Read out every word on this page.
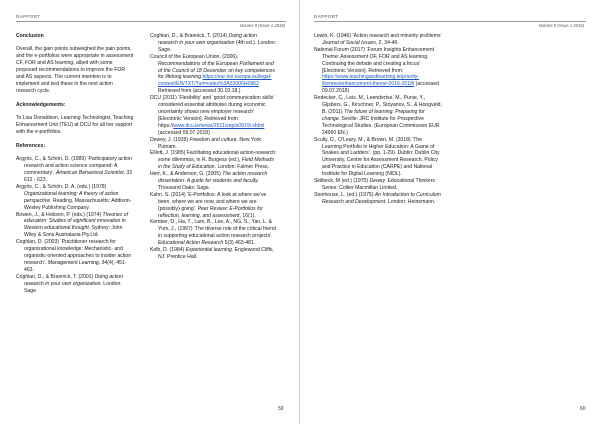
RAPPORT
Volume 9 (Issue 1 2018)

Conclusion

Overall, the gain points outweighed the pain points, and the e-portfolios were appropriate in assessment CF, FOR and AS learning, albeit with some proposed recommendations to improve the FOR and AS aspects. The current intention is to implement and test these in the next action research cycle.

Acknowledgements:

To Lisa Donaldson, Learning Technologist, Teaching Enhancement Unit (TEU) at DCU for all her support with the e-portfolios.

References:

Argyris, C., & Schön, D. (1989) ‘Participatory action research and action science compared: A commentary’. American Behavioral Scientist, 32 612 - 623.

Argyris, C., & Schön, D. A. (eds.) (1978) Organizational learning: A theory of action perspective. Reading, Massachusetts: Addison-Wesley Publishing Company.

Bowen, J., & Hobson, P. (eds.) (1974) Theories of education: Studies of significant innovation in Western educational thought. Sydney: John Wiley & Sons Australasia Pty.Ltd.

Coghlan, D. (2003) ‘Practitioner research for organizational knowledge: Mechanistic- and organistic-oriented approaches to insider action research’. Management Learning, 34(4), 451-463.

Coghlan, D., & Brannick, T. (2001) Doing action research in your own organization. London: Sage.

Coghlan, D., & Brannick, T. (2014) Doing action research in your own organisation (4th ed.). London: Sage.

Council of the European Union. (2006). Recommendations of the European Parliament and of the Council of 18 December on key competences for lifelong learning.https://eur-lex.europa.eu/legal-content/EN/TXT/?uri=celex%3A32006H0962 Retrieved from (accessed 30.10.18.)

DCU (2011) ‘Flexibility’ and ‘good communication skills’ considered essential attributes during economic uncertainty shows new employer research’ [Electronic Version]. Retrieved from https://www.dcu.ie/news/2011/sep/s0919i.shtml (accessed 09.07.2018)

Dewey, J. (1939) Freedom and culture. New York: Putnam.

Elliott, J. (1985) Facilitating educational action-research: some dilemmas, in R. Burgess (ed.), Field Methods in the Study of Education. London: Falmer Press.

Herr, K., & Anderson, G. (2005) The action research dissertation: A guide for students and faculty. Thousand Oaks: Sage.

Kahn, S. (2014) ‘E-Portfolios: A look at where we’ve been, where we are now, and where we are (possibly) going’. Peer Review: E-Portfolios for reflection, learning, and assessment, 16(1).

Kember, D., Ha, T., Lam, B., Lee, A., NG, S., Yan, L. & Yum, J., (1997) ‘The diverse role of the critical friend in supporting educational action research projects’. Educational Action Research 5(3) 463-481.

Kolb, D. (1984) Experiential learning. Englewood Cliffs, NJ: Prentice Hall.

59
RAPPORT
Volume 9 (Issue 1 2018)

Lewin, K. (1946) ‘Action research and minority problems’ Journal of Social Issues, 2, 34-46.

National Forum (2017) ‘Forum Insights Enhancement Theme: Assessment OF, FOR and AS learning. Continuing the debate and creating a focus’ [Electronic Version]. Retrieved from: https://www.teachingandlearning.ie/priority-themes/enhancement-theme-2016-2018/ (accessed 09.07.2018)

Redecker, C., Leis, M., Leendertse, M., Punie, Y., Gijsbers, G., Kirschner, P., Stoyanov, S., & Hoogveld, B. (2011) The future of learning: Preparing for change. Seville: JRC Institute for Prospective Technological Studies. (European Commission EUR 24960 EN.)

Scully, D., O’Leary, M., & Brown, M. (2018) ‘The Learning Portfolio in Higher Education: A Game of Snakes and Ladders’. (pp. 1-29). Dublin: Dublin City University, Centre for Assessment Research, Policy and Practice in Education (CARPE) and National Institute for Digital Learning (NIDL).

Skilbeck, M (ed.) (1970) Dewey. Educational Thinkers Series: Collier Macmillan Limited.

Stenhouse, L. (ed.) (1975) An Introduction to Curriculum Research and Development. London: Heinemann.

60
